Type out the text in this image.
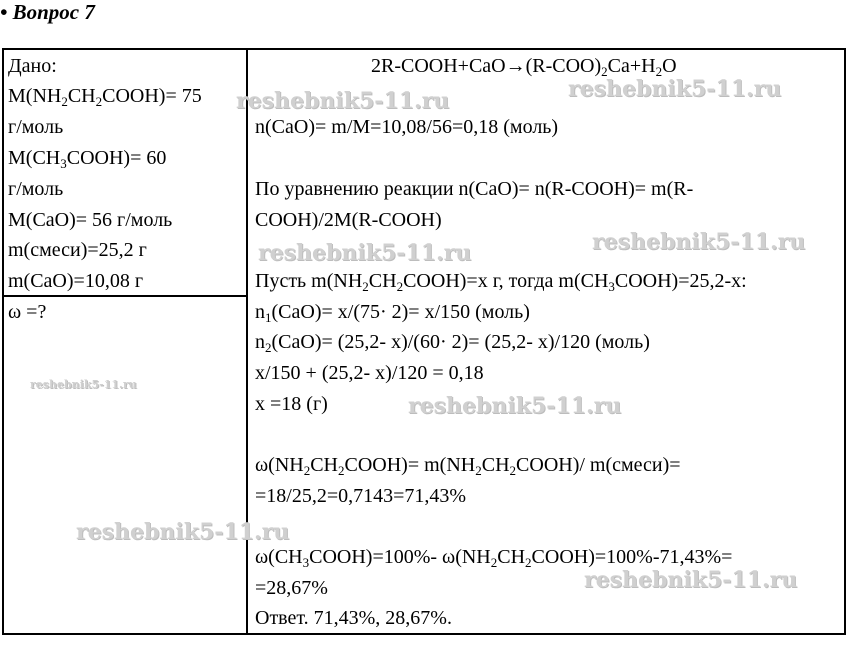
• Вопрос 7
Дано:
$M(NH_2CH_2COOH)= 75$
г/моль
$M(CH_3COOH)= 60$
г/моль
M(CaO)= 56 г/моль
m(смеси)=25,2 г
m(CaO)=10,08 г
ω =?
$2R-COOH+CaO\to(R-COO)_2Ca+H_2O$
n(CaO)= m/M=10,08/56=0,18 (моль)
По уравнению реакции n(CaO)= n(R-COOH)= m(R-
COOH)/2M(R-COOH)
Пусть $m(NH_2CH_2COOH)=x$ г, тогда $m(CH_3COOH)=25,2-x$:
$n_1(CaO)= x/(75\cdot 2)= x/150$ (моль)
$n_2(CaO)= (25,2-$ x)/(60· 2)= (25,2- x)/120 (моль)
x/150 + (25,2- x)/120 = 0,18
x =18 (г)
$\omega(NH_2CH_2COOH)=$ $m(NH_2CH_2COOH)/$ m(смеси)=
=18/25,2=0,7143=71,43%
$\omega(CH_3COOH)=100\%-$ $\omega(NH_2CH_2COOH)=100\%-71,43\%=$
=28,67%
Ответ. 71,43%, 28,67%.
reshebnik5-11.ru	reshebnik5-11.ru
reshebnik5-11.ru	reshebnik5-11.ru
reshebnik5-11.ru
reshebnik5-11.ru
reshebnik5-11.ru
reshebnik5-11.ru
